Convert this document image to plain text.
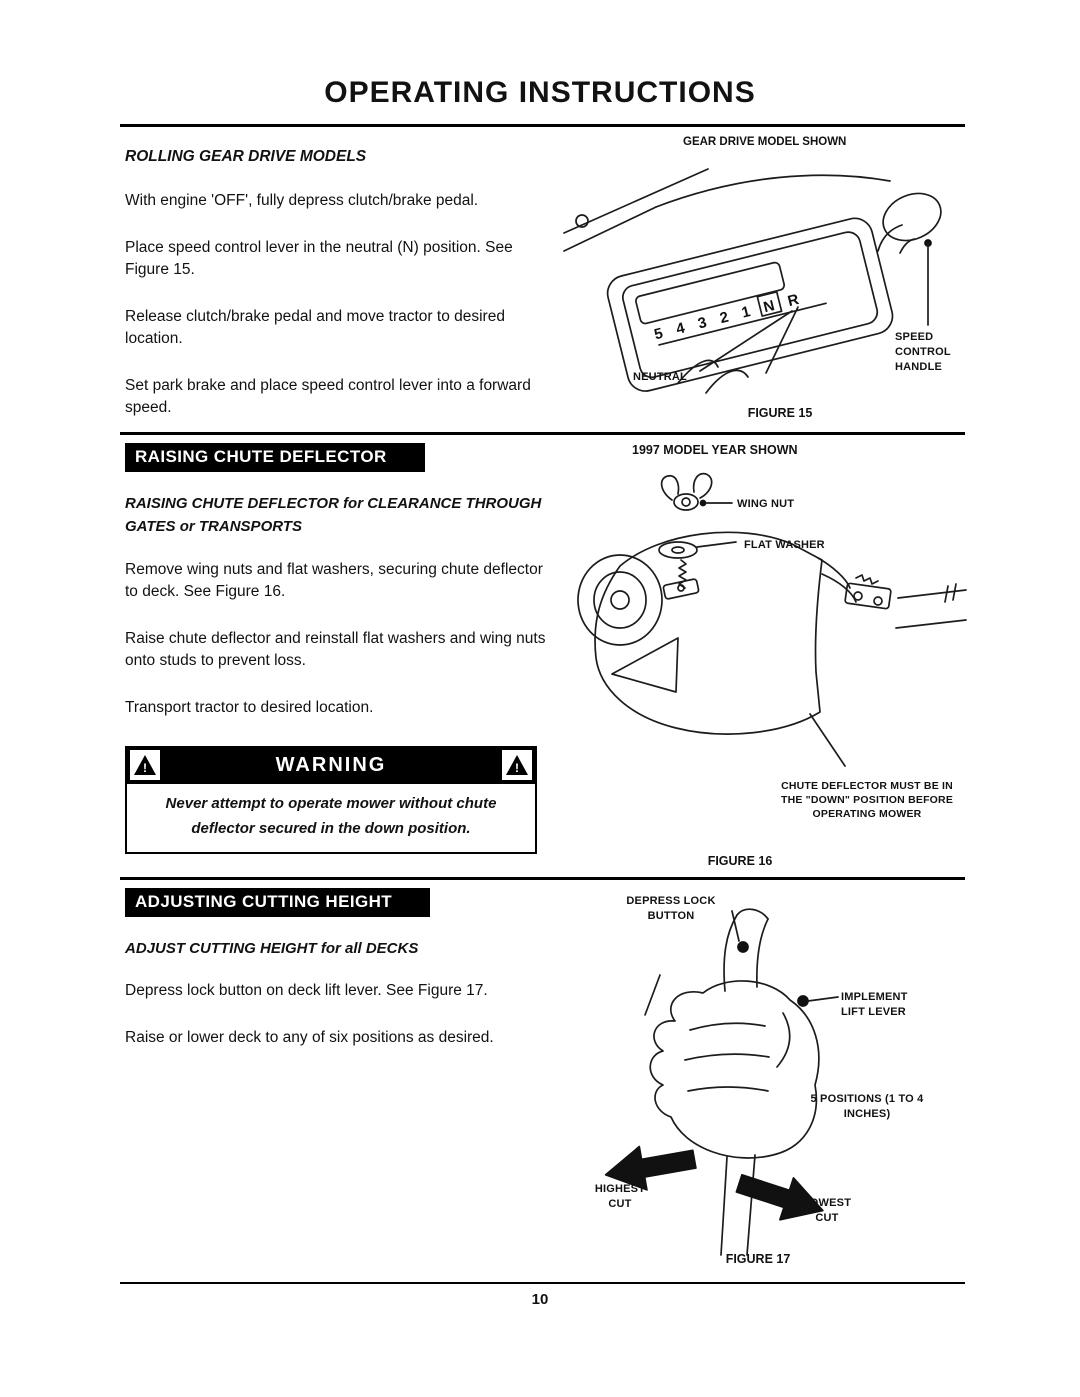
OPERATING INSTRUCTIONS
ROLLING GEAR DRIVE MODELS

With engine 'OFF', fully depress clutch/brake pedal.

Place speed control lever in the neutral (N) position. See Figure 15.

Release clutch/brake pedal and move tractor to desired location.

Set park brake and place speed control lever into a forward speed.

GEAR DRIVE MODEL SHOWN
5 4 3 2 1 N R
NEUTRAL
SPEED CONTROL HANDLE
FIGURE 15
RAISING CHUTE DEFLECTOR
RAISING CHUTE DEFLECTOR for CLEARANCE THROUGH GATES or TRANSPORTS

Remove wing nuts and flat washers, securing chute deflector to deck. See Figure 16.

Raise chute deflector and reinstall flat washers and wing nuts onto studs to prevent loss.

Transport tractor to desired location.

!	WARNING	!
Never attempt to operate mower without chute deflector secured in the down position.
1997 MODEL YEAR SHOWN
WING NUT
FLAT WASHER
CHUTE DEFLECTOR MUST BE IN THE "DOWN" POSITION BEFORE OPERATING MOWER
FIGURE 16
ADJUSTING CUTTING HEIGHT
ADJUST CUTTING HEIGHT for all DECKS

Depress lock button on deck lift lever. See Figure 17.

Raise or lower deck to any of six positions as desired.

DEPRESS LOCK BUTTON
IMPLEMENT LIFT LEVER
5 POSITIONS (1 TO 4 INCHES)
HIGHEST CUT	LOWEST CUT
FIGURE 17
10
